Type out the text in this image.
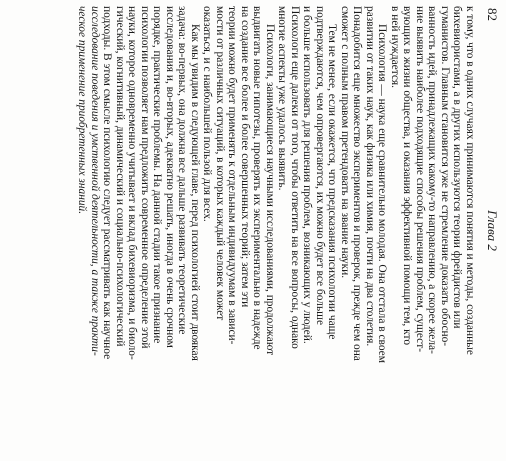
82
Глава 2
к тому, что в одних случаях принимаются понятия и методы, созданные
бихевиористами, а в других используются теории фрейдистов или
гуманистов. Главным становится уже не стремление доказать обосно-
ванность идей, принадлежащих какому-то направлению, а скорее жела-
ние выявить наиболее подходящие способы решения проблем, сущест-
вующих в жизни общества, и оказания эффективной помощи тем, кто
в ней нуждается.
Психология — наука еще сравнительно молодая. Она отстала в своем
развитии от таких наук, как физика или химия, почти на два столетия.
Понадобится еще множество экспериментов и проверок, прежде чем она
сможет с полным правом претендовать на звание науки.
Тем не менее, если окажется, что предсказания психологии чаще
подтверждаются, чем опровергаются, их можно будет все больше
и больше использовать для решения проблем, возникающих у людей.
Психологи еще далеки от того, чтобы ответить на все вопросы, однако
многие аспекты уже удалось выявить.
Психологи, занимающиеся научными исследованиями, продолжают
выдвигать новые гипотезы, проверять их экспериментально в надежде
на создание все более и более совершенных теорий; затем эти
теории можно будет применять к отдельным индивидуумам в зависи-
мости от различных ситуаций, в которых каждый человек может
оказаться, и с наибольшей пользой для всех.
Как мы увидим в следующей главе, перед психологией стоит двоякая
задача: во-первых, она должна все дальше развивать теоретические
исследования и, во-вторых, адекватно решать, иногда в очень срочном
порядке, практические проблемы. На данной стадии такое признание
психологии позволяет нам предложить современное определение этой
науки, которое одновременно учитывает и вклад бихевиоризма, и биоло-
гический, когнитивный, динамический и социально-психологический
подходы. В этом смысле психологию следует рассматривать как научное
исследование поведения и умственной деятельности, а также практи-
ческое применение приобретенных знаний.
